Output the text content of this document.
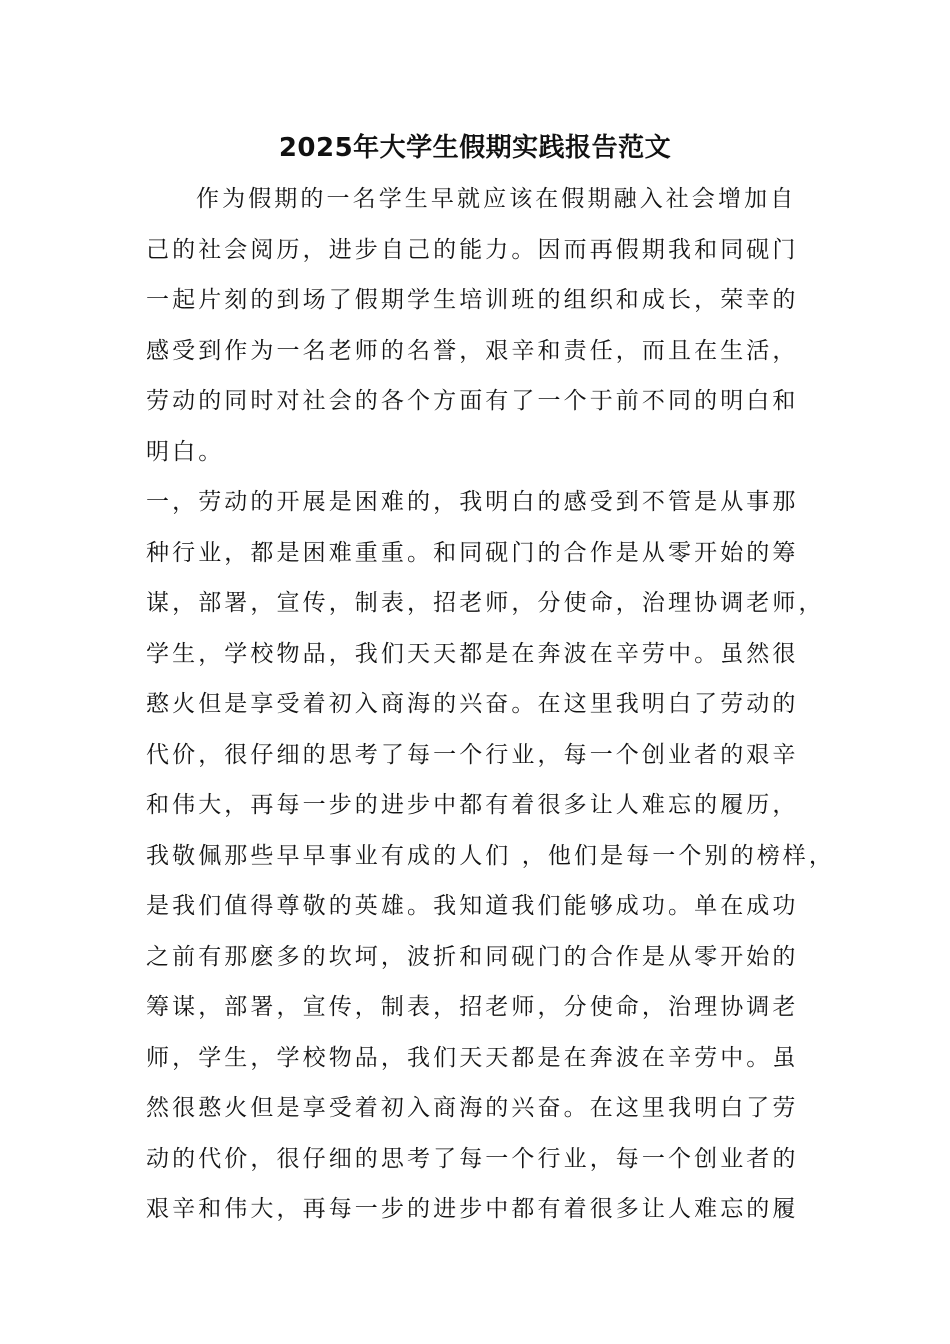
2025年大学生假期实践报告范文
作为假期的一名学生早就应该在假期融入社会增加自
己的社会阅历，进步自己的能力。因而再假期我和同砚门
一起片刻的到场了假期学生培训班的组织和成长，荣幸的
感受到作为一名老师的名誉，艰辛和责任，而且在生活，
劳动的同时对社会的各个方面有了一个于前不同的明白和
明白。
一，劳动的开展是困难的，我明白的感受到不管是从事那
种行业，都是困难重重。和同砚门的合作是从零开始的筹
谋，部署，宣传，制表，招老师，分使命，治理协调老师，
学生，学校物品，我们天天都是在奔波在辛劳中。虽然很
憨火但是享受着初入商海的兴奋。在这里我明白了劳动的
代价，很仔细的思考了每一个行业，每一个创业者的艰辛
和伟大，再每一步的进步中都有着很多让人难忘的履历，
我敬佩那些早早事业有成的人们 ，他们是每一个别的榜样，
是我们值得尊敬的英雄。我知道我们能够成功。单在成功
之前有那麽多的坎坷，波折和同砚门的合作是从零开始的
筹谋，部署，宣传，制表，招老师，分使命，治理协调老
师，学生，学校物品，我们天天都是在奔波在辛劳中。虽
然很憨火但是享受着初入商海的兴奋。在这里我明白了劳
动的代价，很仔细的思考了每一个行业，每一个创业者的
艰辛和伟大，再每一步的进步中都有着很多让人难忘的履
